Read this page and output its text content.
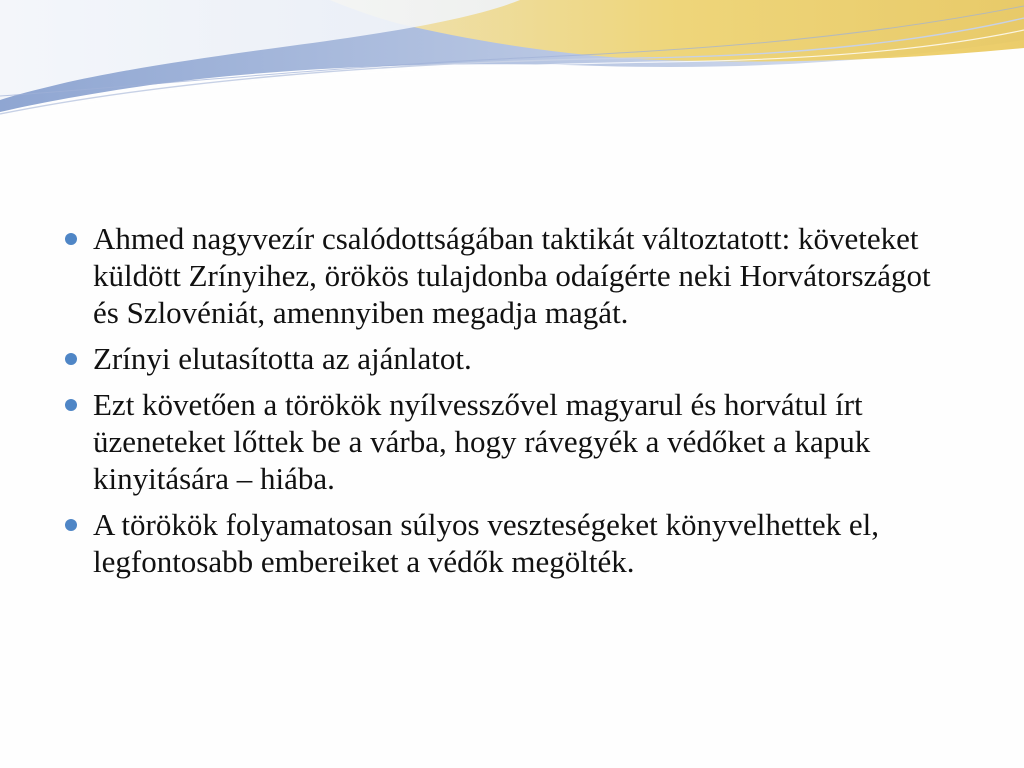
Ahmed nagyvezír csalódottságában taktikát változtatott: követeket küldött Zrínyihez, örökös tulajdonba odaígérte neki Horvátországot és Szlovéniát, amennyiben megadja magát.
Zrínyi elutasította az ajánlatot.
Ezt követően a törökök nyílvesszővel magyarul és horvátul írt üzeneteket lőttek be a várba, hogy rávegyék a védőket a kapuk kinyitására – hiába.
A törökök folyamatosan súlyos veszteségeket könyvelhettek el, legfontosabb embereiket a védők megölték.
